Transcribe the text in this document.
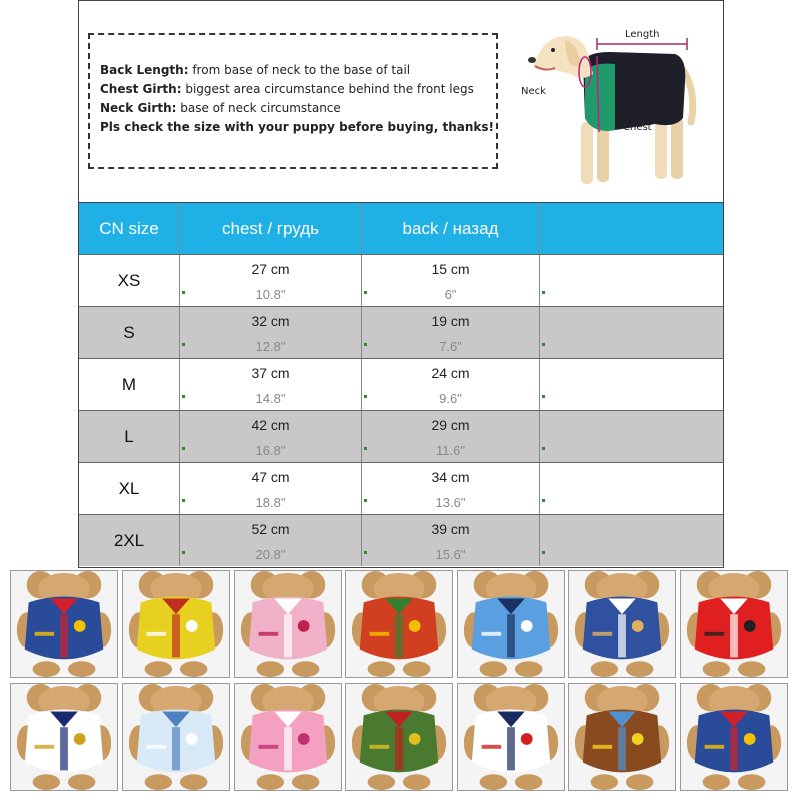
Back Length: from base of neck to the base of tail
Chest Girth: biggest area circumstance behind the front legs
Neck Girth: base of neck circumstance
Pls check the size with your puppy before buying, thanks!
Length
Neck
Chest
CN size	chest / грудь	back / назад
XS
27 cm
10.8"
15 cm
6"
S
32 cm
12.8"
19 cm
7.6"
M
37 cm
14.8"
24 cm
9.6"
L
42 cm
16.8"
29 cm
11.6"
XL
47 cm
18.8"
34 cm
13.6"
2XL
52 cm
20.8"
39 cm
15.6"
